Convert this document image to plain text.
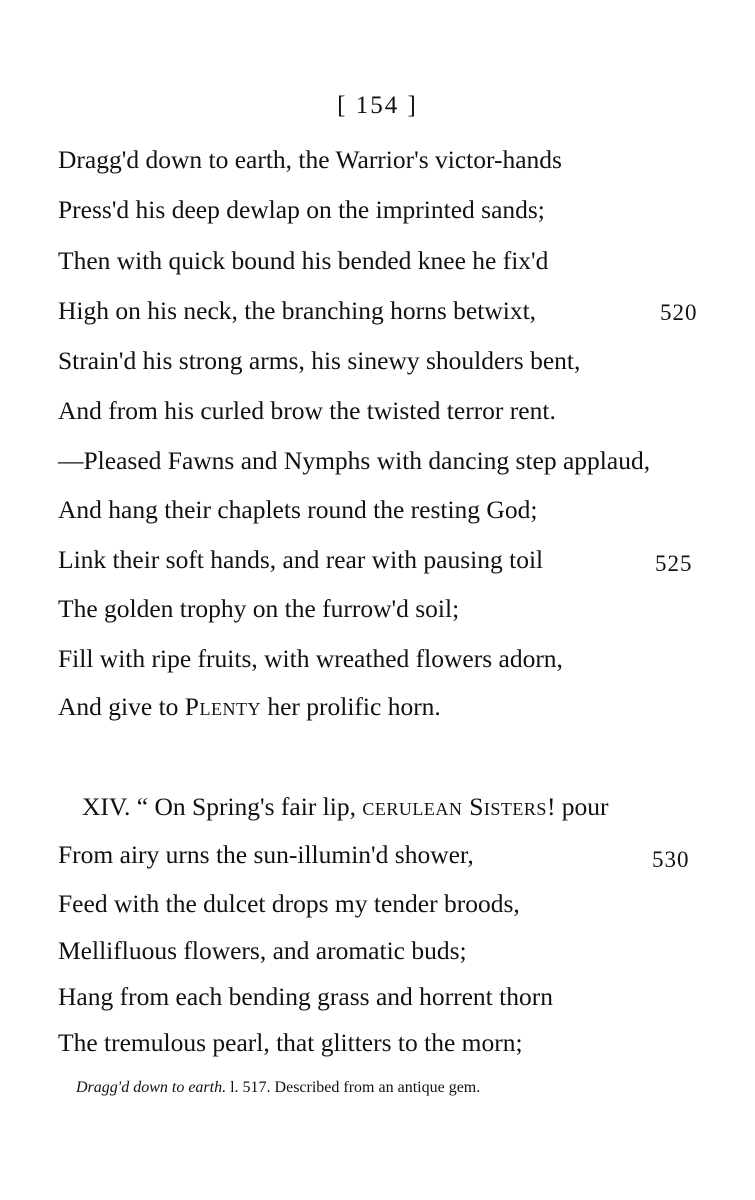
[ 154 ]
Dragg'd down to earth, the Warrior's victor-hands
Press'd his deep dewlap on the imprinted sands;
Then with quick bound his bended knee he fix'd
High on his neck, the branching horns betwixt,	520
Strain'd his strong arms, his sinewy shoulders bent,
And from his curled brow the twisted terror rent.
—Pleased Fawns and Nymphs with dancing step applaud,
And hang their chaplets round the resting God;
Link their soft hands, and rear with pausing toil	525
The golden trophy on the furrow'd soil;
Fill with ripe fruits, with wreathed flowers adorn,
And give to Plenty her prolific horn.
XIV. “ On Spring's fair lip, cerulean Sisters! pour
From airy urns the sun-illumin'd shower,	530
Feed with the dulcet drops my tender broods,
Mellifluous flowers, and aromatic buds;
Hang from each bending grass and horrent thorn
The tremulous pearl, that glitters to the morn;
Dragg'd down to earth. l. 517. Described from an antique gem.
